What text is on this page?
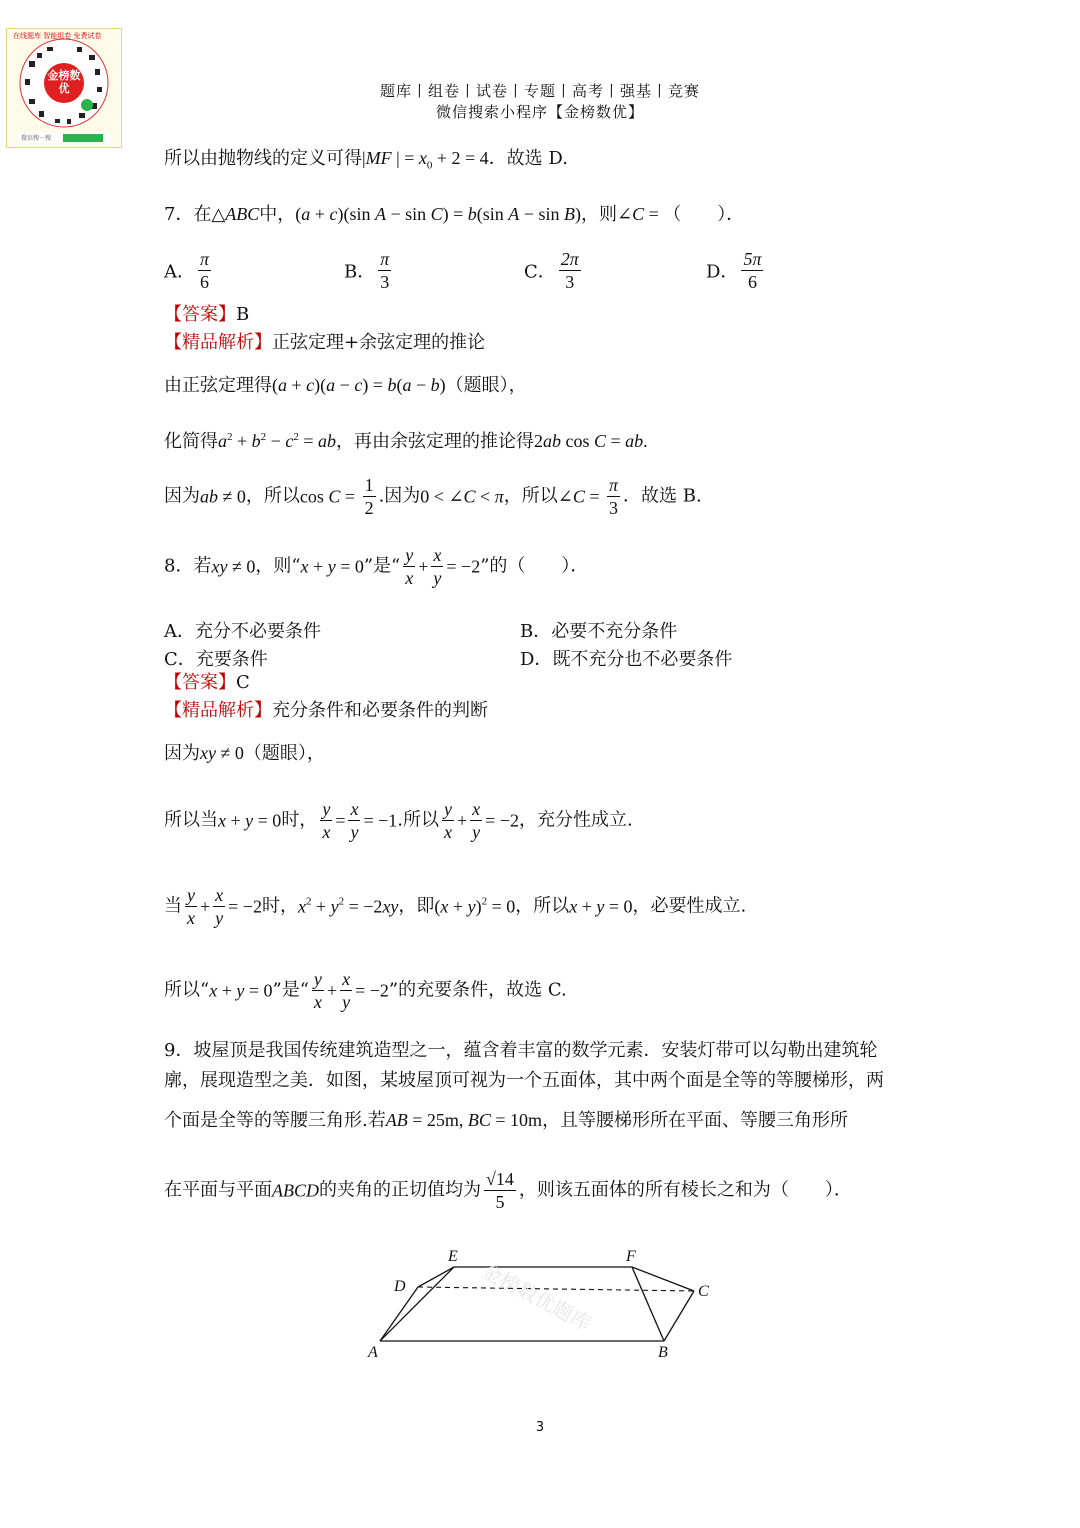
金榜数优
在线题库 智能组卷 免费试卷
微信搜一搜
题库丨组卷丨试卷丨专题丨高考丨强基丨竞赛
微信搜索小程序【金榜数优】
所以由抛物线的定义可得|MF | = $x_0 + 2 = 4$．故选 D.
7．在△ABC中，(a + c)(sin A − sin C) = b(sin A − sin B)，则∠C = （　　）．
A． $\frac{\pi}{6}$	B． $\frac{\pi}{3}$	C． $\frac{2\pi}{3}$	D． $\frac{5\pi}{6}$
【答案】B
【精品解析】正弦定理+余弦定理的推论
由正弦定理得(a + c)(a − c) = b(a − b)（题眼），
化简得$a^2 + b^2 - c^2$ = ab，再由余弦定理的推论得2ab cos C = ab.
因为ab ≠ 0，所以$\cos C = \frac{1}{2}$ .因为0 < ∠C < π，所以∠C = $\frac{\pi}{3}$ ．故选 B.
8．若xy ≠ 0，则“x + y = 0”是“ $\frac{y}{x} + \frac{x}{y} = -2$”的（　　）．
A．充分不必要条件	B．必要不充分条件
C．充要条件	D．既不充分也不必要条件
【答案】C
【精品解析】充分条件和必要条件的判断
因为xy ≠ 0（题眼），
所以当x + y = 0时， $\frac{y}{x} = \frac{x}{y} = -1$.所以 $\frac{y}{x} + \frac{x}{y} = -2$，充分性成立.
当 $\frac{y}{x} + \frac{x}{y} = -2$时，$x^2 + y^2 = -2xy$，即$(x + y)^2 = 0$，所以x + y = 0，必要性成立.
所以“x + y = 0”是“ $\frac{y}{x} + \frac{x}{y} = -2$”的充要条件，故选 C.
9．坡屋顶是我国传统建筑造型之一，蕴含着丰富的数学元素．安装灯带可以勾勒出建筑轮
廓，展现造型之美．如图，某坡屋顶可视为一个五面体，其中两个面是全等的等腰梯形，两
个面是全等的等腰三角形.若AB = 25m, BC = 10m，且等腰梯形所在平面、等腰三角形所
在平面与平面ABCD的夹角的正切值均为 $\frac{√14}{5}$ ，则该五面体的所有棱长之和为（　　）．
E	F
D	C
A	B
金榜数优题库
3
